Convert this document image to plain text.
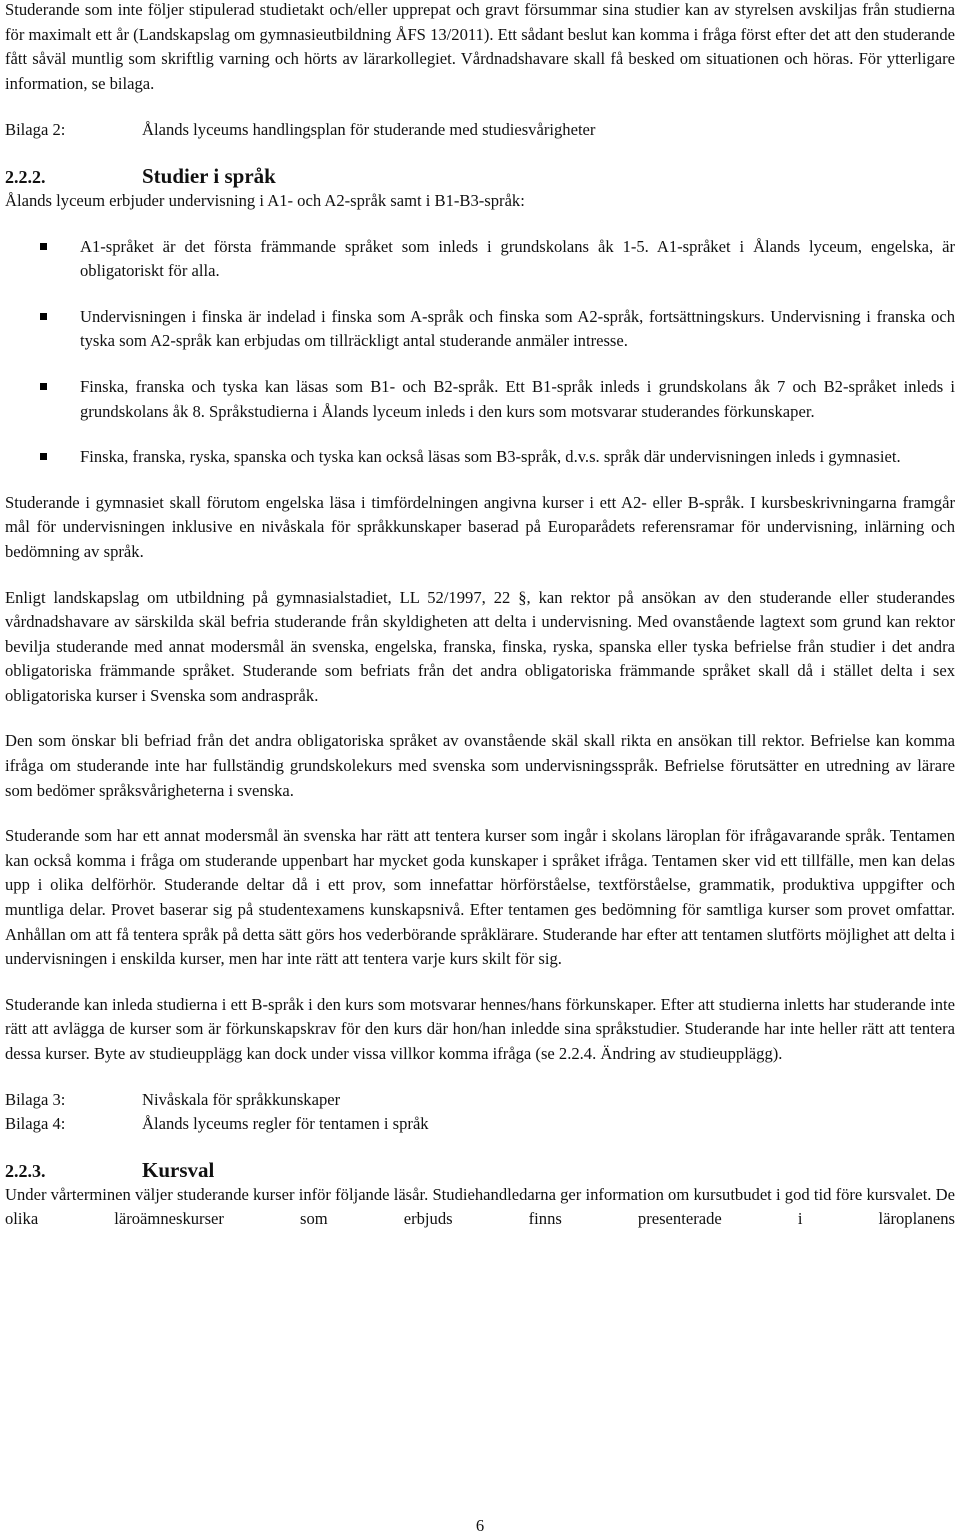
Studerande som inte följer stipulerad studietakt och/eller upprepat och gravt försummar sina studier kan av styrelsen avskiljas från studierna för maximalt ett år (Landskapslag om gymnasieutbildning ÅFS 13/2011). Ett sådant beslut kan komma i fråga först efter det att den studerande fått såväl muntlig som skriftlig varning och hörts av lärarkollegiet. Vårdnadshavare skall få besked om situationen och höras. För ytterligare information, se bilaga.

Bilaga 2:	Ålands lyceums handlingsplan för studerande med studiesvårigheter
2.2.2.	Studier i språk

Ålands lyceum erbjuder undervisning i A1- och A2-språk samt i B1-B3-språk:

A1-språket är det första främmande språket som inleds i grundskolans åk 1-5. A1-språket i Ålands lyceum, engelska, är obligatoriskt för alla.
Undervisningen i finska är indelad i finska som A-språk och finska som A2-språk, fortsättningskurs. Undervisning i franska och tyska som A2-språk kan erbjudas om tillräckligt antal studerande anmäler intresse.
Finska, franska och tyska kan läsas som B1- och B2-språk. Ett B1-språk inleds i grundskolans åk 7 och B2-språket inleds i grundskolans åk 8. Språkstudierna i Ålands lyceum inleds i den kurs som motsvarar studerandes förkunskaper.
Finska, franska, ryska, spanska och tyska kan också läsas som B3-språk, d.v.s. språk där undervisningen inleds i gymnasiet.

Studerande i gymnasiet skall förutom engelska läsa i timfördelningen angivna kurser i ett A2- eller B-språk. I kursbeskrivningarna framgår mål för undervisningen inklusive en nivåskala för språkkunskaper baserad på Europarådets referensramar för undervisning, inlärning och bedömning av språk.

Enligt landskapslag om utbildning på gymnasialstadiet, LL 52/1997, 22 §, kan rektor på ansökan av den studerande eller studerandes vårdnadshavare av särskilda skäl befria studerande från skyldigheten att delta i undervisning. Med ovanstående lagtext som grund kan rektor bevilja studerande med annat modersmål än svenska, engelska, franska, finska, ryska, spanska eller tyska befrielse från studier i det andra obligatoriska främmande språket. Studerande som befriats från det andra obligatoriska främmande språket skall då i stället delta i sex obligatoriska kurser i Svenska som andraspråk.

Den som önskar bli befriad från det andra obligatoriska språket av ovanstående skäl skall rikta en ansökan till rektor. Befrielse kan komma ifråga om studerande inte har fullständig grundskolekurs med svenska som undervisningsspråk. Befrielse förutsätter en utredning av lärare som bedömer språksvårigheterna i svenska.

Studerande som har ett annat modersmål än svenska har rätt att tentera kurser som ingår i skolans läroplan för ifrågavarande språk. Tentamen kan också komma i fråga om studerande uppenbart har mycket goda kunskaper i språket ifråga. Tentamen sker vid ett tillfälle, men kan delas upp i olika delförhör. Studerande deltar då i ett prov, som innefattar hörförståelse, textförståelse, grammatik, produktiva uppgifter och muntliga delar. Provet baserar sig på studentexamens kunskapsnivå. Efter tentamen ges bedömning för samtliga kurser som provet omfattar. Anhållan om att få tentera språk på detta sätt görs hos vederbörande språklärare. Studerande har efter att tentamen slutförts möjlighet att delta i undervisningen i enskilda kurser, men har inte rätt att tentera varje kurs skilt för sig.

Studerande kan inleda studierna i ett B-språk i den kurs som motsvarar hennes/hans förkunskaper. Efter att studierna inletts har studerande inte rätt att avlägga de kurser som är förkunskapskrav för den kurs där hon/han inledde sina språkstudier. Studerande har inte heller rätt att tentera dessa kurser. Byte av studieupplägg kan dock under vissa villkor komma ifråga (se 2.2.4. Ändring av studieupplägg).

Bilaga 3:	Nivåskala för språkkunskaper
Bilaga 4:	Ålands lyceums regler för tentamen i språk
2.2.3.	Kursval

Under vårterminen väljer studerande kurser inför följande läsår. Studiehandledarna ger information om kursutbudet i god tid före kursvalet. De olika läroämneskurser som erbjuds finns presenterade i läroplanens

6
